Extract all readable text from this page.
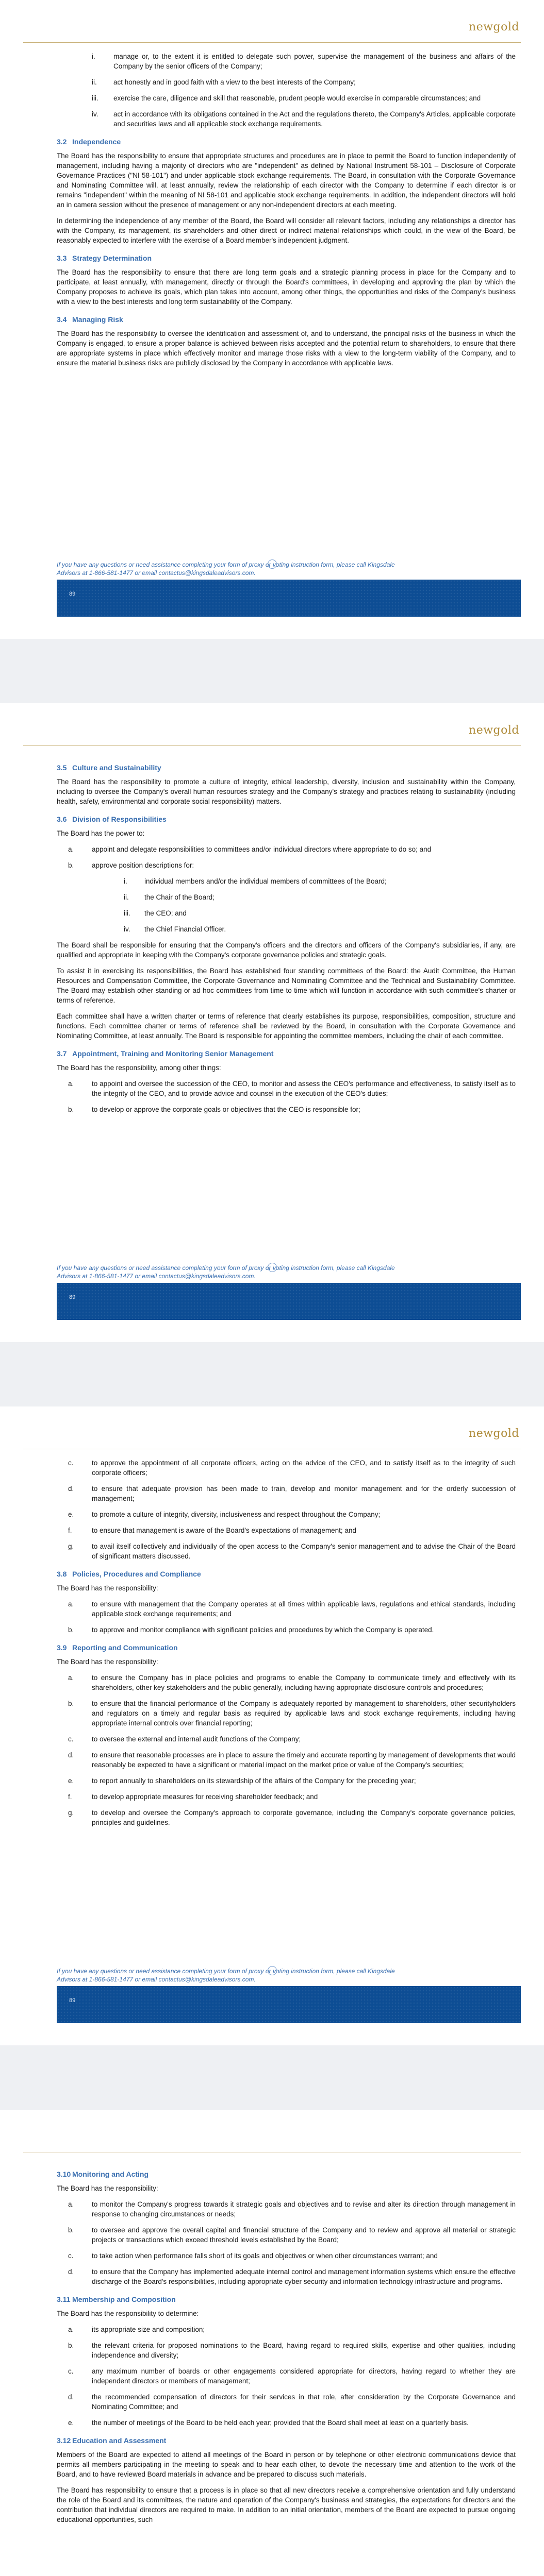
newgold
i.	manage or, to the extent it is entitled to delegate such power, supervise the management of the business and affairs of the Company by the senior officers of the Company;
ii. act honestly and in good faith with a view to the best interests of the Company;
iii. exercise the care, diligence and skill that reasonable, prudent people would exercise in comparable circumstances; and
iv. act in accordance with its obligations contained in the Act and the regulations thereto, the Company's Articles, applicable corporate and securities laws and all applicable stock exchange requirements.
3.2 Independence

The Board has the responsibility to ensure that appropriate structures and procedures are in place to permit the Board to function independently of management, including having a majority of directors who are "independent" as defined by National Instrument 58-101 – Disclosure of Corporate Governance Practices ("NI 58-101") and under applicable stock exchange requirements. The Board, in consultation with the Corporate Governance and Nominating Committee will, at least annually, review the relationship of each director with the Company to determine if each director is or remains "independent" within the meaning of NI 58-101 and applicable stock exchange requirements. In addition, the independent directors will hold an in camera session without the presence of management or any non-independent directors at each meeting.

In determining the independence of any member of the Board, the Board will consider all relevant factors, including any relationships a director has with the Company, its management, its shareholders and other direct or indirect material relationships which could, in the view of the Board, be reasonably expected to interfere with the exercise of a Board member's independent judgment.

3.3 Strategy Determination

The Board has the responsibility to ensure that there are long term goals and a strategic planning process in place for the Company and to participate, at least annually, with management, directly or through the Board's committees, in developing and approving the plan by which the Company proposes to achieve its goals, which plan takes into account, among other things, the opportunities and risks of the Company's business with a view to the best interests and long term sustainability of the Company.

3.4 Managing Risk

The Board has the responsibility to oversee the identification and assessment of, and to understand, the principal risks of the business in which the Company is engaged, to ensure a proper balance is achieved between risks accepted and the potential return to shareholders, to ensure that there are appropriate systems in place which effectively monitor and manage those risks with a view to the long-term viability of the Company, and to ensure the material business risks are publicly disclosed by the Company in accordance with applicable laws.

If you have any questions or need assistance completing your form of proxy or voting instruction form, please call Kingsdale Advisors at 1-866-581-1477 or email contactus@kingsdaleadvisors.com.
89
newgold
3.5 Culture and Sustainability

The Board has the responsibility to promote a culture of integrity, ethical leadership, diversity, inclusion and sustainability within the Company, including to oversee the Company's overall human resources strategy and the Company's strategy and practices relating to sustainability (including health, safety, environmental and corporate social responsibility) matters.

3.6 Division of Responsibilities

The Board has the power to:

a.	appoint and delegate responsibilities to committees and/or individual directors where appropriate to do so; and
b.	approve position descriptions for:
i. individual members and/or the individual members of committees of the Board;
ii. the Chair of the Board;
iii. the CEO; and
iv. the Chief Financial Officer.

The Board shall be responsible for ensuring that the Company's officers and the directors and officers of the Company's subsidiaries, if any, are qualified and appropriate in keeping with the Company's corporate governance policies and strategic goals.

To assist it in exercising its responsibilities, the Board has established four standing committees of the Board: the Audit Committee, the Human Resources and Compensation Committee, the Corporate Governance and Nominating Committee and the Technical and Sustainability Committee. The Board may establish other standing or ad hoc committees from time to time which will function in accordance with such committee's charter or terms of reference.

Each committee shall have a written charter or terms of reference that clearly establishes its purpose, responsibilities, composition, structure and functions. Each committee charter or terms of reference shall be reviewed by the Board, in consultation with the Corporate Governance and Nominating Committee, at least annually. The Board is responsible for appointing the committee members, including the chair of each committee.

3.7 Appointment, Training and Monitoring Senior Management

The Board has the responsibility, among other things:

a.	to appoint and oversee the succession of the CEO, to monitor and assess the CEO's performance and effectiveness, to satisfy itself as to the integrity of the CEO, and to provide advice and counsel in the execution of the CEO's duties;
b.	to develop or approve the corporate goals or objectives that the CEO is responsible for;
If you have any questions or need assistance completing your form of proxy or voting instruction form, please call Kingsdale Advisors at 1-866-581-1477 or email contactus@kingsdaleadvisors.com.
89
newgold
c.	to approve the appointment of all corporate officers, acting on the advice of the CEO, and to satisfy itself as to the integrity of such corporate officers;
d.	to ensure that adequate provision has been made to train, develop and monitor management and for the orderly succession of management;
e.	to promote a culture of integrity, diversity, inclusiveness and respect throughout the Company;
f.	to ensure that management is aware of the Board's expectations of management; and
g.	to avail itself collectively and individually of the open access to the Company's senior management and to advise the Chair of the Board of significant matters discussed.
3.8 Policies, Procedures and Compliance

The Board has the responsibility:

a.	to ensure with management that the Company operates at all times within applicable laws, regulations and ethical standards, including applicable stock exchange requirements; and
b.	to approve and monitor compliance with significant policies and procedures by which the Company is operated.
3.9 Reporting and Communication

The Board has the responsibility:

a.	to ensure the Company has in place policies and programs to enable the Company to communicate timely and effectively with its shareholders, other key stakeholders and the public generally, including having appropriate disclosure controls and procedures;
b.	to ensure that the financial performance of the Company is adequately reported by management to shareholders, other securityholders and regulators on a timely and regular basis as required by applicable laws and stock exchange requirements, including having appropriate internal controls over financial reporting;
c.	to oversee the external and internal audit functions of the Company;
d.	to ensure that reasonable processes are in place to assure the timely and accurate reporting by management of developments that would reasonably be expected to have a significant or material impact on the market price or value of the Company's securities;
e.	to report annually to shareholders on its stewardship of the affairs of the Company for the preceding year;
f.	to develop appropriate measures for receiving shareholder feedback; and
g.	to develop and oversee the Company's approach to corporate governance, including the Company's corporate governance policies, principles and guidelines.
If you have any questions or need assistance completing your form of proxy or voting instruction form, please call Kingsdale Advisors at 1-866-581-1477 or email contactus@kingsdaleadvisors.com.
89
3.10 Monitoring and Acting

The Board has the responsibility:

a.	to monitor the Company's progress towards it strategic goals and objectives and to revise and alter its direction through management in response to changing circumstances or needs;
b.	to oversee and approve the overall capital and financial structure of the Company and to review and approve all material or strategic projects or transactions which exceed threshold levels established by the Board;
c.	to take action when performance falls short of its goals and objectives or when other circumstances warrant; and
d.	to ensure that the Company has implemented adequate internal control and management information systems which ensure the effective discharge of the Board's responsibilities, including appropriate cyber security and information technology infrastructure and programs.
3.11 Membership and Composition

The Board has the responsibility to determine:

a.	its appropriate size and composition;
b.	the relevant criteria for proposed nominations to the Board, having regard to required skills, expertise and other qualities, including independence and diversity;
c.	any maximum number of boards or other engagements considered appropriate for directors, having regard to whether they are independent directors or members of management;
d.	the recommended compensation of directors for their services in that role, after consideration by the Corporate Governance and Nominating Committee; and
e.	the number of meetings of the Board to be held each year; provided that the Board shall meet at least on a quarterly basis.
3.12 Education and Assessment

Members of the Board are expected to attend all meetings of the Board in person or by telephone or other electronic communications device that permits all members participating in the meeting to speak and to hear each other, to devote the necessary time and attention to the work of the Board, and to have reviewed Board materials in advance and be prepared to discuss such materials.

The Board has responsibility to ensure that a process is in place so that all new directors receive a comprehensive orientation and fully understand the role of the Board and its committees, the nature and operation of the Company's business and strategies, the expectations for directors and the contribution that individual directors are required to make. In addition to an initial orientation, members of the Board are expected to pursue ongoing educational opportunities, such
